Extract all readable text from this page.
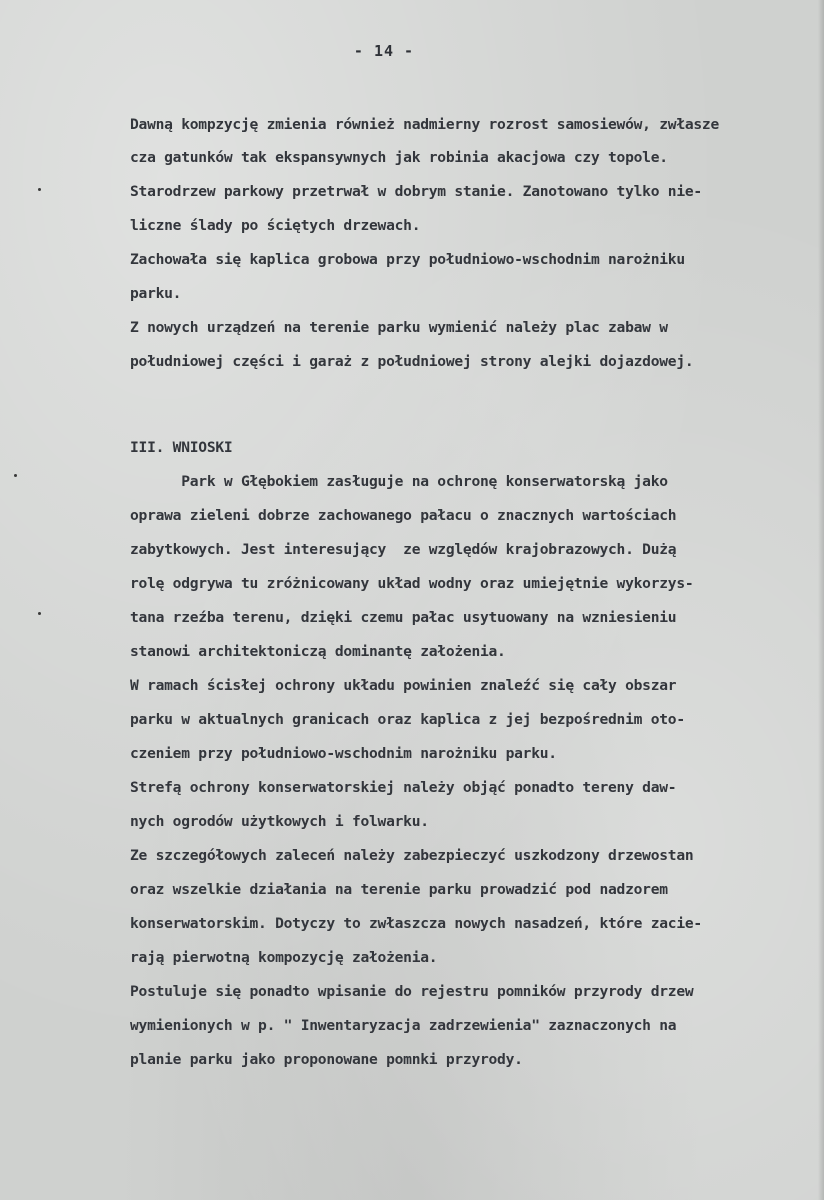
- 14 -
Dawną kompzycję zmienia również nadmierny rozrost samosiewów, zwłasze
cza gatunków tak ekspansywnych jak robinia akacjowa czy topole.
Starodrzew parkowy przetrwał w dobrym stanie. Zanotowano tylko nie-
liczne ślady po ściętych drzewach.
Zachowała się kaplica grobowa przy południowo-wschodnim narożniku
parku.
Z nowych urządzeń na terenie parku wymienić należy plac zabaw w
południowej części i garaż z południowej strony alejki dojazdowej.
III. WNIOSKI
Park w Głębokiem zasługuje na ochronę konserwatorską jako
oprawa zieleni dobrze zachowanego pałacu o znacznych wartościach
zabytkowych. Jest interesujący  ze względów krajobrazowych. Dużą
rolę odgrywa tu zróżnicowany układ wodny oraz umiejętnie wykorzys-
tana rzeźba terenu, dzięki czemu pałac usytuowany na wzniesieniu
stanowi architektoniczą dominantę założenia.
W ramach ścisłej ochrony układu powinien znaleźć się cały obszar
parku w aktualnych granicach oraz kaplica z jej bezpośrednim oto-
czeniem przy południowo-wschodnim narożniku parku.
Strefą ochrony konserwatorskiej należy objąć ponadto tereny daw-
nych ogrodów użytkowych i folwarku.
Ze szczegółowych zaleceń należy zabezpieczyć uszkodzony drzewostan
oraz wszelkie działania na terenie parku prowadzić pod nadzorem
konserwatorskim. Dotyczy to zwłaszcza nowych nasadzeń, które zacie-
rają pierwotną kompozycję założenia.
Postuluje się ponadto wpisanie do rejestru pomników przyrody drzew
wymienionych w p. " Inwentaryzacja zadrzewienia" zaznaczonych na
planie parku jako proponowane pomnki przyrody.
